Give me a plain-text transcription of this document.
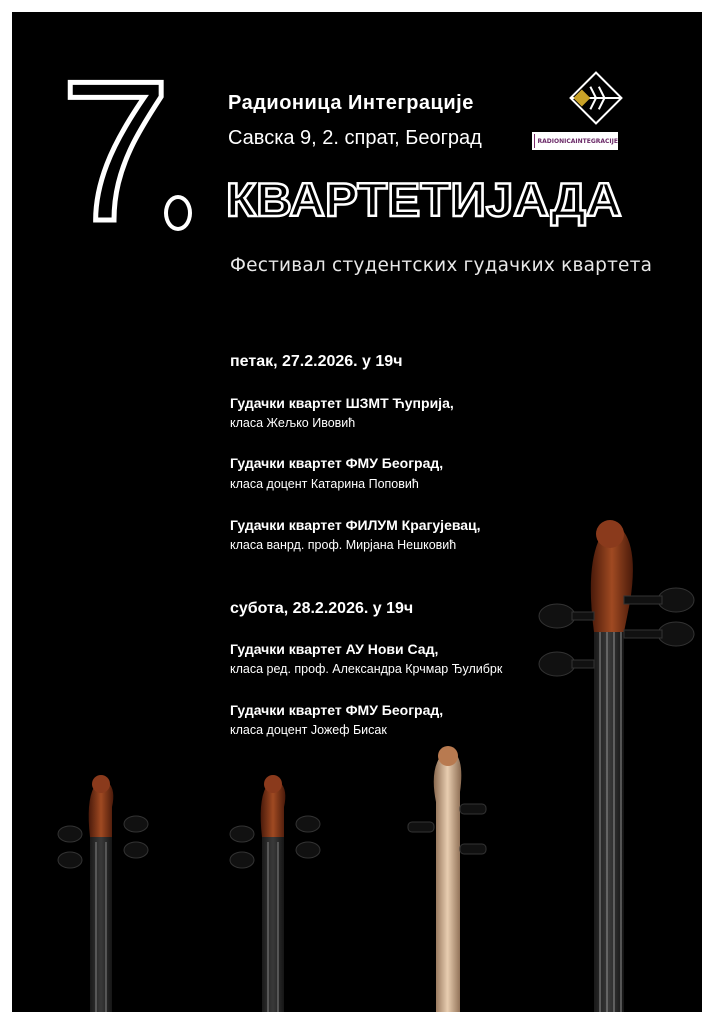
7	Радионица Интеграције
Савска 9, 2. спрат, Београд	RADIONICAINTEGRACIJE
КВАРТЕТИЈАДА
Фестивал студентских гудачких квартета
петак, 27.2.2026. у 19ч
Гудачки квартет ШЗМТ Ћуприја,
класа Жељко Ивовић
Гудачки квартет ФМУ Београд,
класа доцент Катарина Поповић
Гудачки квартет ФИЛУМ Крагујевац,
класа ванрд. проф. Мирјана Нешковић
субота, 28.2.2026. у 19ч
Гудачки квартет АУ Нови Сад,
класа ред. проф. Александра Крчмар Ђулибрк
Гудачки квартет ФМУ Београд,
класа доцент Јожеф Бисак
